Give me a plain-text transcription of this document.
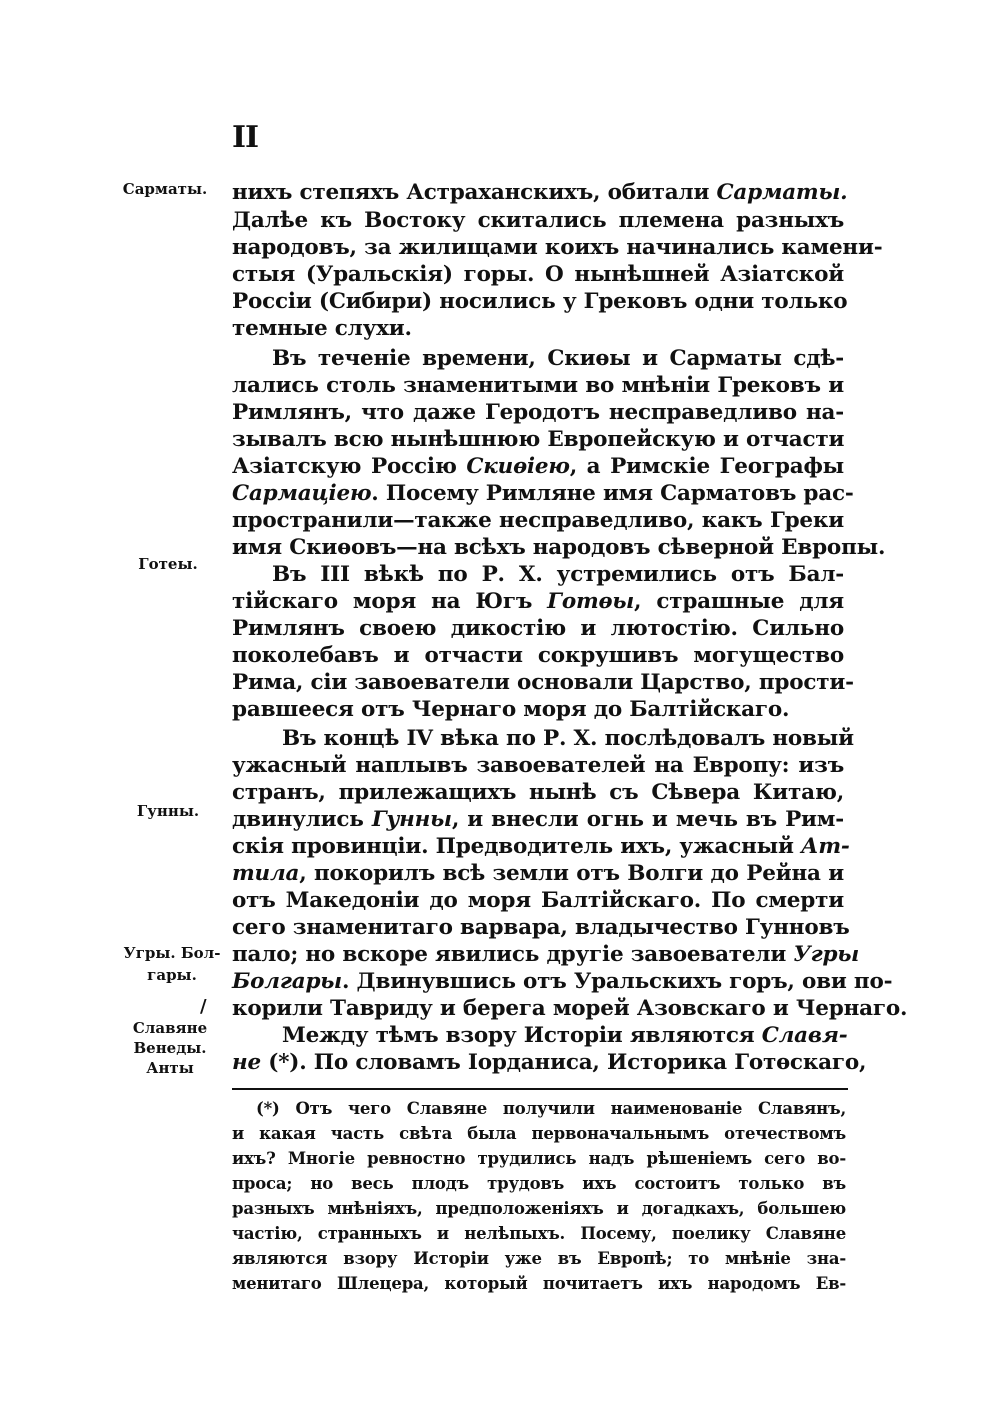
II
Сарматы.
Готеы.
Гунны.
Угры. Бол-
гары.
/
Славяне
Венеды.
Анты
нихъ степяхъ Астраханскихъ, обитали Сарматы.
Далѣе къ Востоку скитались племена разныхъ
народовъ, за жилищами коихъ начинались камени-
стыя (Уральскія) горы. О нынѣшней Азіатской
Россіи (Сибири) носились у Грековъ одни только
темные слухи.
Въ теченіе времени, Скиѳы и Сарматы сдѣ-
лались столь знаменитыми во мнѣніи Грековъ и
Римлянъ, что даже Геродотъ несправедливо на-
зывалъ всю нынѣшнюю Европейскую и отчасти
Азіатскую Россію Скиѳіею, а Римскіе Географы
Сармаціею. Посему Римляне имя Сарматовъ рас-
пространили—также несправедливо, какъ Греки
имя Скиѳовъ—на всѣхъ народовъ сѣверной Европы.
Въ III вѣкѣ по Р. Х. устремились отъ Бал-
тійскаго моря на Югъ Готѳы, страшные для
Римлянъ своею дикостію и лютостію. Сильно
поколебавъ и отчасти сокрушивъ могущество
Рима, сіи завоеватели основали Царство, прости-
равшееся отъ Чернаго моря до Балтійскаго.
Въ концѣ IV вѣка по Р. Х. послѣдовалъ новый
ужасный наплывъ завоевателей на Европу: изъ
странъ, прилежащихъ нынѣ съ Сѣвера Китаю,
двинулись Гунны, и внесли огнь и мечь въ Рим-
скія провинціи. Предводитель ихъ, ужасный Ат-
тила, покорилъ всѣ земли отъ Волги до Рейна и
отъ Македоніи до моря Балтійскаго. По смерти
сего знаменитаго варвара, владычество Гунновъ
пало; но вскоре явились другіе завоеватели Угры
Болгары. Двинувшись отъ Уральскихъ горъ, ови по-
корили Тавриду и берега морей Азовскаго и Чернаго.
Между тѣмъ взору Исторіи являются Славя-
не (*). По словамъ Іорданиса, Историка Готѳскаго,
(*) Отъ чего Славяне получили наименованіе Славянъ,
и какая часть свѣта была первоначальнымъ отечествомъ
ихъ? Многіе ревностно трудились надъ рѣшеніемъ сего во-
проса; но весь плодъ трудовъ ихъ состоитъ только въ
разныхъ мнѣніяхъ, предположеніяхъ и догадкахъ, большею
частію, странныхъ и нелѣпыхъ. Посему, поелику Славяне
являются взору Исторіи уже въ Европѣ; то мнѣніе зна-
менитаго Шлецера, который почитаетъ ихъ народомъ Ев-
